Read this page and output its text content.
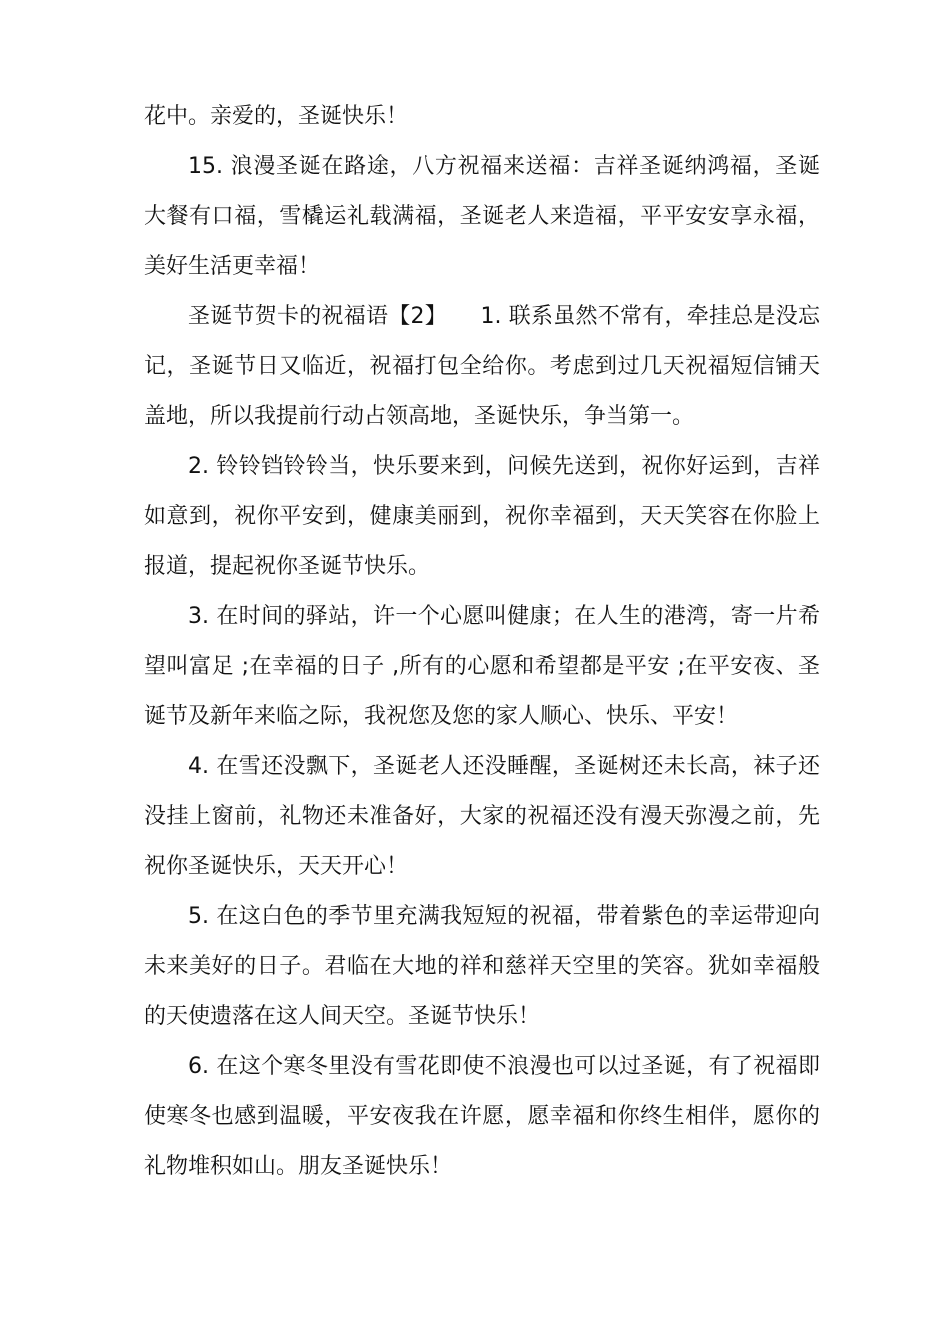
花中。亲爱的，圣诞快乐！

15. 浪漫圣诞在路途，八方祝福来送福：吉祥圣诞纳鸿福，圣诞大餐有口福，雪橇运礼载满福，圣诞老人来造福，平平安安享永福，美好生活更幸福！

圣诞节贺卡的祝福语【2】　　1. 联系虽然不常有，牵挂总是没忘记，圣诞节日又临近，祝福打包全给你。考虑到过几天祝福短信铺天盖地，所以我提前行动占领高地，圣诞快乐，争当第一。

2. 铃铃铛铃铃当，快乐要来到，问候先送到，祝你好运到，吉祥如意到，祝你平安到，健康美丽到，祝你幸福到，天天笑容在你脸上报道，提起祝你圣诞节快乐。

3. 在时间的驿站，许一个心愿叫健康；在人生的港湾，寄一片希望叫富足 ;在幸福的日子 ,所有的心愿和希望都是平安 ;在平安夜、圣诞节及新年来临之际，我祝您及您的家人顺心、快乐、平安！

4. 在雪还没飘下，圣诞老人还没睡醒，圣诞树还未长高，袜子还没挂上窗前，礼物还未准备好，大家的祝福还没有漫天弥漫之前，先祝你圣诞快乐，天天开心！

5. 在这白色的季节里充满我短短的祝福，带着紫色的幸运带迎向未来美好的日子。君临在大地的祥和慈祥天空里的笑容。犹如幸福般的天使遗落在这人间天空。圣诞节快乐！

6. 在这个寒冬里没有雪花即使不浪漫也可以过圣诞，有了祝福即使寒冬也感到温暖，平安夜我在许愿，愿幸福和你终生相伴，愿你的礼物堆积如山。朋友圣诞快乐！
